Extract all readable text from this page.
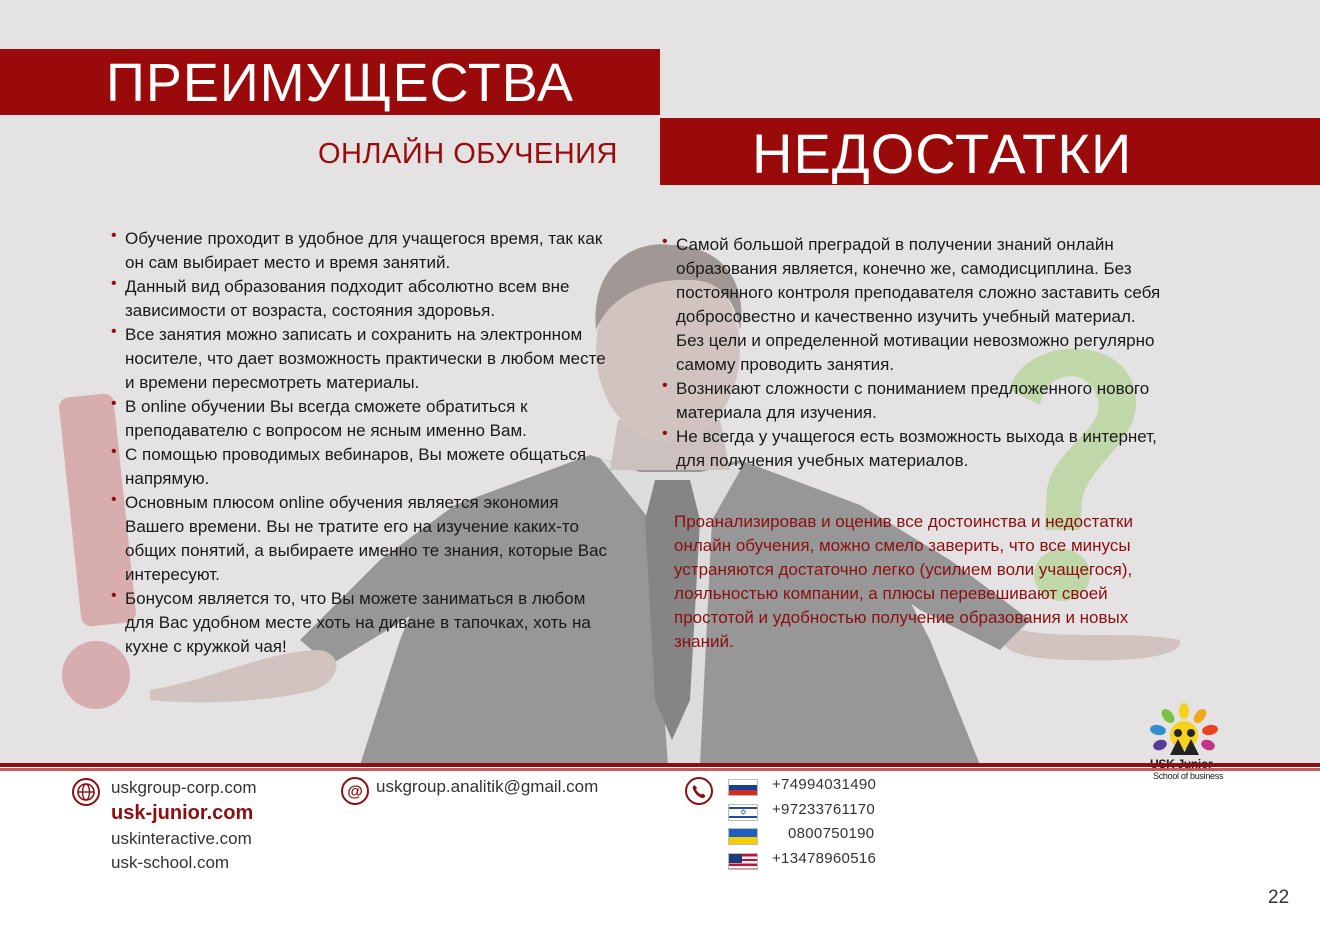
ПРЕИМУЩЕСТВА
ОНЛАЙН ОБУЧЕНИЯ НЕДОСТАТКИ
• Обучение проходит в удобное для учащегося время, так как он сам выбирает место и время занятий.
• Данный вид образования подходит абсолютно всем вне зависимости от возраста, состояния здоровья.
• Все занятия можно записать и сохранить на электронном носителе, что дает возможность практически в любом месте и времени пересмотреть материалы.
• В online обучении Вы всегда сможете обратиться к преподавателю с вопросом не ясным именно Вам.
• С помощью проводимых вебинаров, Вы можете общаться напрямую.
• Основным плюсом online обучения является экономия Вашего времени. Вы не тратите его на изучение каких-то общих понятий, а выбираете именно те знания, которые Вас интересуют.
• Бонусом является то, что Вы можете заниматься в любом для Вас удобном месте хоть на диване в тапочках, хоть на кухне с кружкой чая!
• Самой большой преградой в получении знаний онлайн образования является, конечно же, самодисциплина. Без постоянного контроля преподавателя сложно заставить себя добросовестно и качественно изучить учебный материал. Без цели и определенной мотивации невозможно регулярно самому проводить занятия.
• Возникают сложности с пониманием предложенного нового материала для изучения.
• Не всегда у учащегося есть возможность выхода в интернет, для получения учебных материалов.
Проанализировав и оценив все достоинства и недостатки онлайн обучения, можно смело заверить, что все минусы устраняются достаточно легко (усилием воли учащегося), лояльностью компании, а плюсы перевешивают своей простотой и удобностью получение образования и новых знаний.
School of business
uskgroup-corp.com
usk-junior.com
uskinteractive.com
usk-school.com
@ uskgroup.analitik@gmail.com	+74994031490
✡ +97233761170
0800750190
+13478960516
22
